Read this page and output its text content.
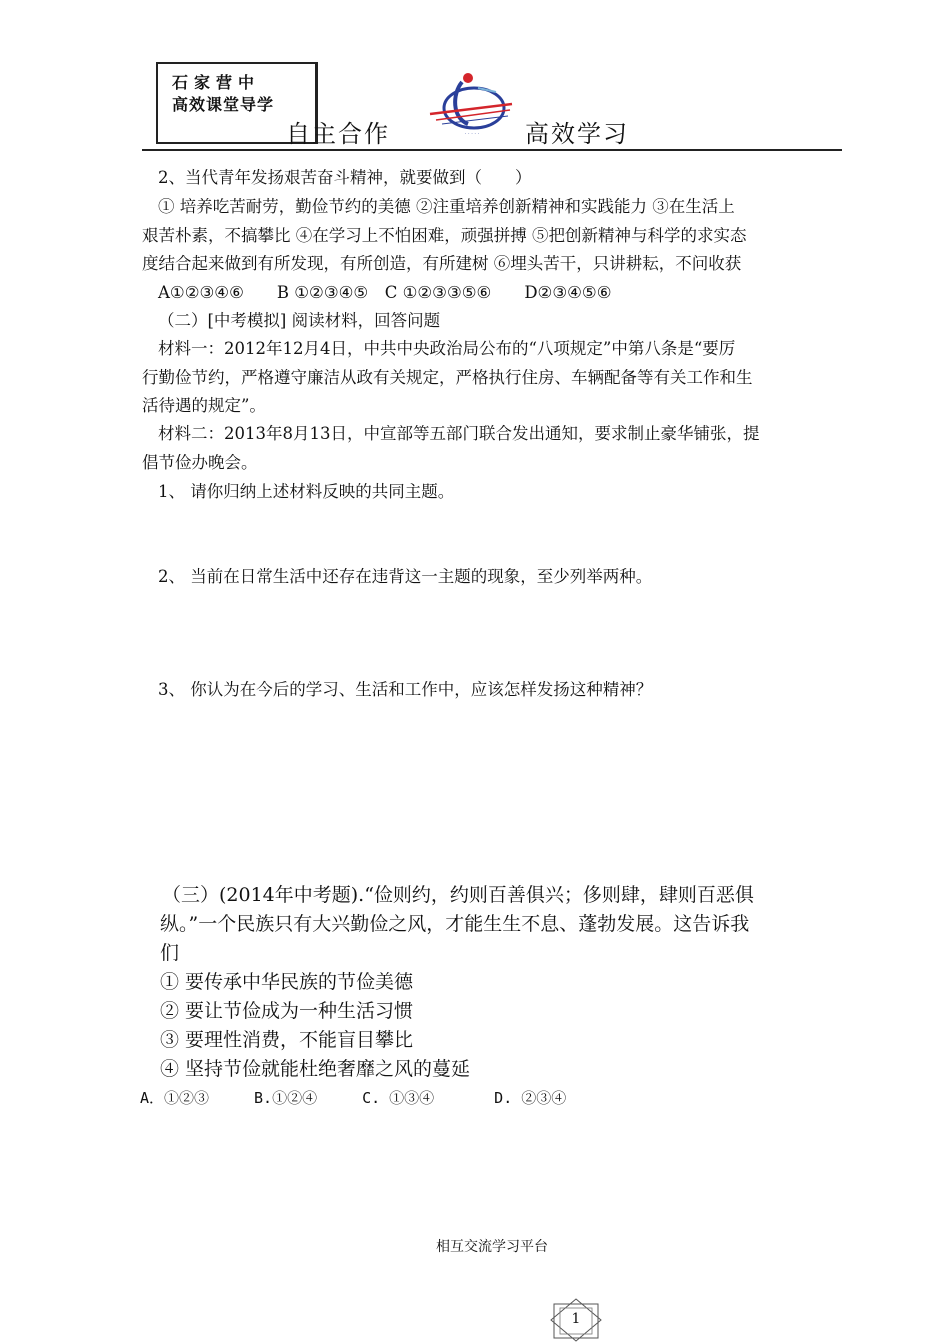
石家营中
高效课堂导学
· · · · ·
自主合作	高效学习
2、当代青年发扬艰苦奋斗精神，就要做到（　　）
① 培养吃苦耐劳，勤俭节约的美德 ②注重培养创新精神和实践能力 ③在生活上
艰苦朴素，不搞攀比 ④在学习上不怕困难，顽强拼搏 ⑤把创新精神与科学的求实态
度结合起来做到有所发现，有所创造，有所建树 ⑥埋头苦干，只讲耕耘，不问收获
A①②③④⑥　　B ①②③④⑤　C ①②③③⑤⑥　　D②③④⑤⑥
（二）[中考模拟] 阅读材料，回答问题
材料一：2012年12月4日，中共中央政治局公布的“八项规定”中第八条是“要厉
行勤俭节约，严格遵守廉洁从政有关规定，严格执行住房、车辆配备等有关工作和生
活待遇的规定”。
材料二：2013年8月13日，中宣部等五部门联合发出通知，要求制止豪华铺张，提
倡节俭办晚会。
1、 请你归纳上述材料反映的共同主题。
2、 当前在日常生活中还存在违背这一主题的现象，至少列举两种。
3、 你认为在今后的学习、生活和工作中，应该怎样发扬这种精神？
（三）(2014年中考题).“俭则约，约则百善俱兴；侈则肆，肆则百恶俱
纵。”一个民族只有大兴勤俭之风，才能生生不息、蓬勃发展。这告诉我
们
① 要传承中华民族的节俭美德
② 要让节俭成为一种生活习惯
③ 要理性消费，不能盲目攀比
④ 坚持节俭就能杜绝奢靡之风的蔓延
A．①②③　　　B.①②④　　　C. ①③④　　　　D. ②③④
相互交流学习平台
1
